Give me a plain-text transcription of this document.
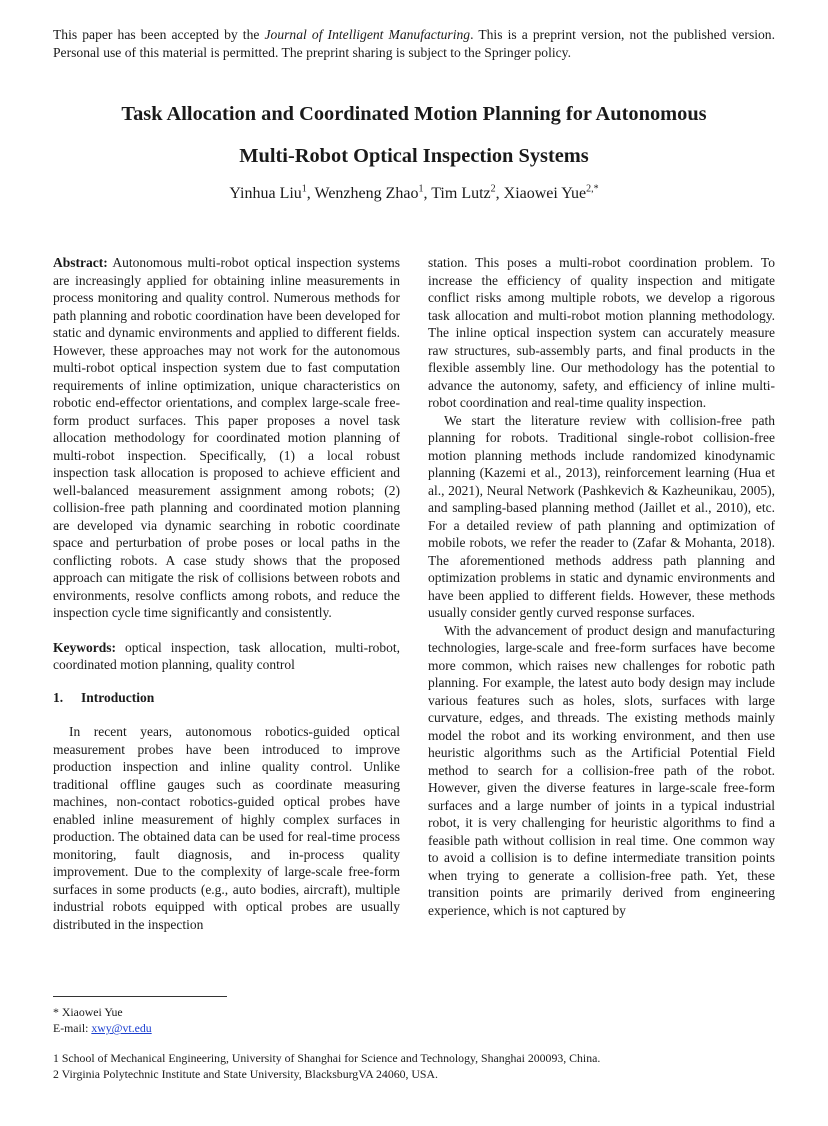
This paper has been accepted by the Journal of Intelligent Manufacturing. This is a preprint version, not the published version. Personal use of this material is permitted. The preprint sharing is subject to the Springer policy.
Task Allocation and Coordinated Motion Planning for Autonomous
Multi-Robot Optical Inspection Systems
Yinhua Liu$^1$, Wenzheng Zhao$^1$, Tim Lutz$^2$, Xiaowei Yue$^{2,*}$

Abstract: Autonomous multi-robot optical inspection systems are increasingly applied for obtaining inline measurements in process monitoring and quality control. Numerous methods for path planning and robotic coordination have been developed for static and dynamic environments and applied to different fields. However, these approaches may not work for the autonomous multi-robot optical inspection system due to fast computation requirements of inline optimization, unique characteristics on robotic end-effector orientations, and complex large-scale free-form product surfaces. This paper proposes a novel task allocation methodology for coordinated motion planning of multi-robot inspection. Specifically, (1) a local robust inspection task allocation is proposed to achieve efficient and well-balanced measurement assignment among robots; (2) collision-free path planning and coordinated motion planning are developed via dynamic searching in robotic coordinate space and perturbation of probe poses or local paths in the conflicting robots. A case study shows that the proposed approach can mitigate the risk of collisions between robots and environments, resolve conflicts among robots, and reduce the inspection cycle time significantly and consistently.

Keywords: optical inspection, task allocation, multi-robot, coordinated motion planning, quality control

1.	Introduction

In recent years, autonomous robotics-guided optical measurement probes have been introduced to improve production inspection and inline quality control. Unlike traditional offline gauges such as coordinate measuring machines, non-contact robotics-guided optical probes have enabled inline measurement of highly complex surfaces in production. The obtained data can be used for real-time process monitoring, fault diagnosis, and in-process quality improvement. Due to the complexity of large-scale free-form surfaces in some products (e.g., auto bodies, aircraft), multiple industrial robots equipped with optical probes are usually distributed in the inspection

station. This poses a multi-robot coordination problem. To increase the efficiency of quality inspection and mitigate conflict risks among multiple robots, we develop a rigorous task allocation and multi-robot motion planning methodology. The inline optical inspection system can accurately measure raw structures, sub-assembly parts, and final products in the flexible assembly line. Our methodology has the potential to advance the autonomy, safety, and efficiency of inline multi-robot coordination and real-time quality inspection.

We start the literature review with collision-free path planning for robots. Traditional single-robot collision-free motion planning methods include randomized kinodynamic planning (Kazemi et al., 2013), reinforcement learning (Hua et al., 2021), Neural Network (Pashkevich & Kazheunikau, 2005), and sampling-based planning method (Jaillet et al., 2010), etc. For a detailed review of path planning and optimization of mobile robots, we refer the reader to (Zafar & Mohanta, 2018). The aforementioned methods address path planning and optimization problems in static and dynamic environments and have been applied to different fields. However, these methods usually consider gently curved response surfaces.

With the advancement of product design and manufacturing technologies, large-scale and free-form surfaces have become more common, which raises new challenges for robotic path planning. For example, the latest auto body design may include various features such as holes, slots, surfaces with large curvature, edges, and threads. The existing methods mainly model the robot and its working environment, and then use heuristic algorithms such as the Artificial Potential Field method to search for a collision-free path of the robot. However, given the diverse features in large-scale free-form surfaces and a large number of joints in a typical industrial robot, it is very challenging for heuristic algorithms to find a feasible path without collision in real time. One common way to avoid a collision is to define intermediate transition points when trying to generate a collision-free path. Yet, these transition points are primarily derived from engineering experience, which is not captured by

* Xiaowei Yue
E-mail: xwy@vt.edu
1 School of Mechanical Engineering, University of Shanghai for Science and Technology, Shanghai 200093, China.
2 Virginia Polytechnic Institute and State University, BlacksburgVA 24060, USA.
